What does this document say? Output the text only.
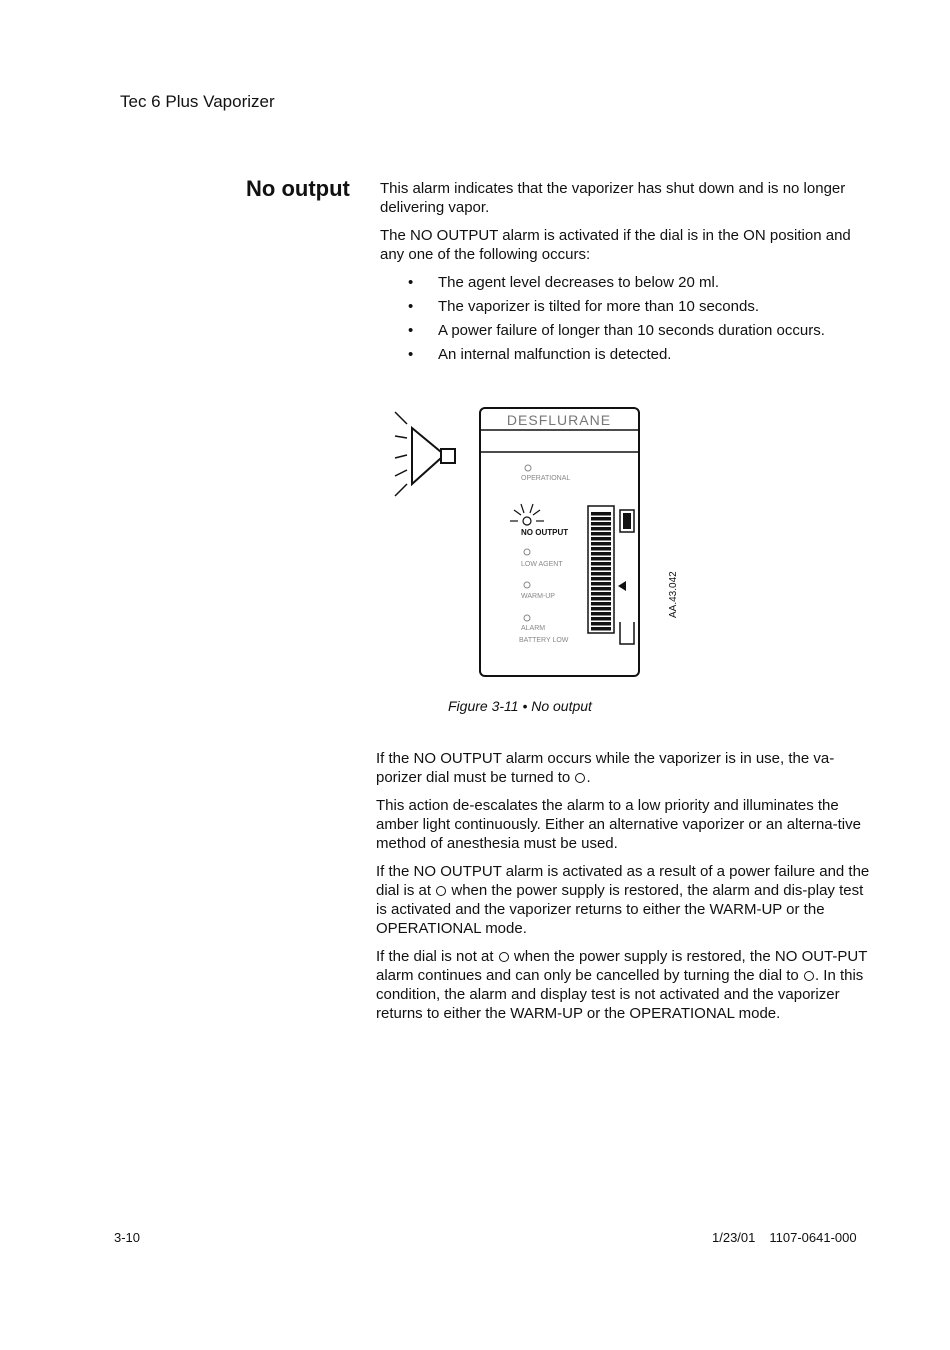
Tec 6 Plus Vaporizer
No output This alarm indicates that the vaporizer has shut down and is no longer delivering vapor.

The NO OUTPUT alarm is activated if the dial is in the ON position and any one of the following occurs:

• The agent level decreases to below 20 ml.
• The vaporizer is tilted for more than 10 seconds.
• A power failure of longer than 10 seconds duration occurs.
• An internal malfunction is detected.
DESFLURANE
OPERATIONAL
NO OUTPUT
LOW AGENT
WARM-UP
ALARM
BATTERY LOW
AA.43.042
Figure 3-11 • No output

If the NO OUTPUT alarm occurs while the vaporizer is in use, the va-porizer dial must be turned to .

This action de-escalates the alarm to a low priority and illuminates the amber light continuously. Either an alternative vaporizer or an alterna-tive method of anesthesia must be used.

If the NO OUTPUT alarm is activated as a result of a power failure and the dial is at when the power supply is restored, the alarm and dis-play test is activated and the vaporizer returns to either the WARM-UP or the OPERATIONAL mode.

If the dial is not at when the power supply is restored, the NO OUT-PUT alarm continues and can only be cancelled by turning the dial to . In this condition, the alarm and display test is not activated and the vaporizer returns to either the WARM-UP or the OPERATIONAL mode.

3-10	1/23/01 1107-0641-000
